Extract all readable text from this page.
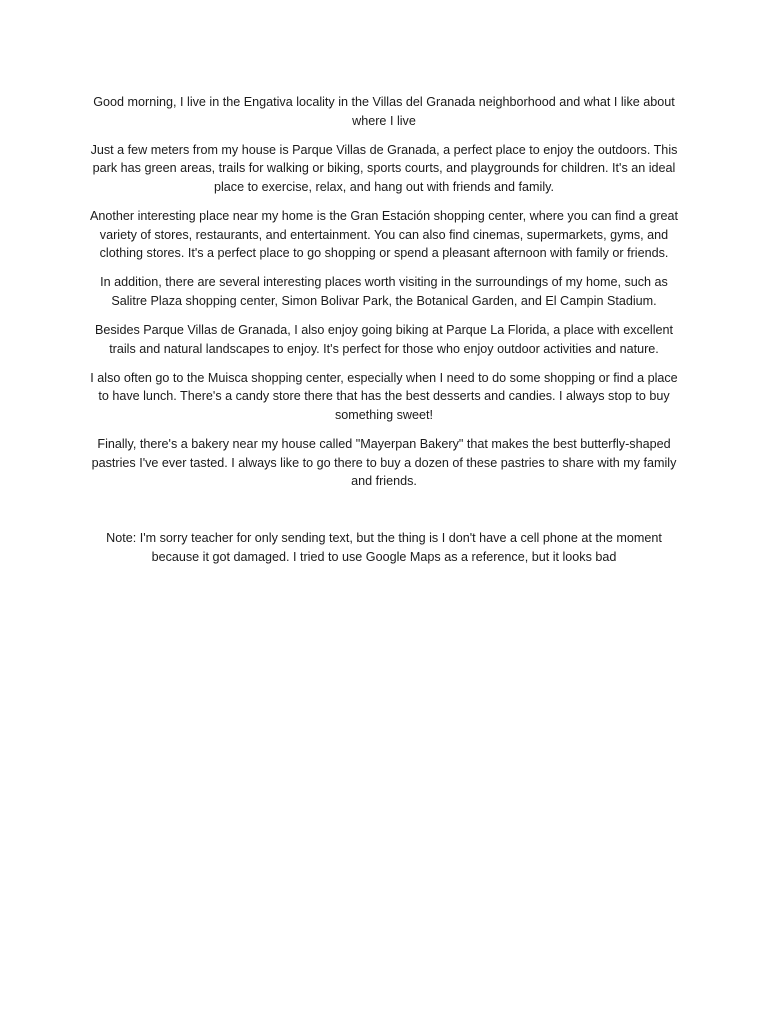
Good morning, I live in the Engativa locality in the Villas del Granada neighborhood and what I like about where I live

Just a few meters from my house is Parque Villas de Granada, a perfect place to enjoy the outdoors. This park has green areas, trails for walking or biking, sports courts, and playgrounds for children. It's an ideal place to exercise, relax, and hang out with friends and family.

Another interesting place near my home is the Gran Estación shopping center, where you can find a great variety of stores, restaurants, and entertainment. You can also find cinemas, supermarkets, gyms, and clothing stores. It's a perfect place to go shopping or spend a pleasant afternoon with family or friends.

In addition, there are several interesting places worth visiting in the surroundings of my home, such as Salitre Plaza shopping center, Simon Bolivar Park, the Botanical Garden, and El Campin Stadium.

Besides Parque Villas de Granada, I also enjoy going biking at Parque La Florida, a place with excellent trails and natural landscapes to enjoy. It's perfect for those who enjoy outdoor activities and nature.

I also often go to the Muisca shopping center, especially when I need to do some shopping or find a place to have lunch. There's a candy store there that has the best desserts and candies. I always stop to buy something sweet!

Finally, there's a bakery near my house called "Mayerpan Bakery" that makes the best butterfly-shaped pastries I've ever tasted. I always like to go there to buy a dozen of these pastries to share with my family and friends.

Note: I'm sorry teacher for only sending text, but the thing is I don't have a cell phone at the moment because it got damaged. I tried to use Google Maps as a reference, but it looks bad
